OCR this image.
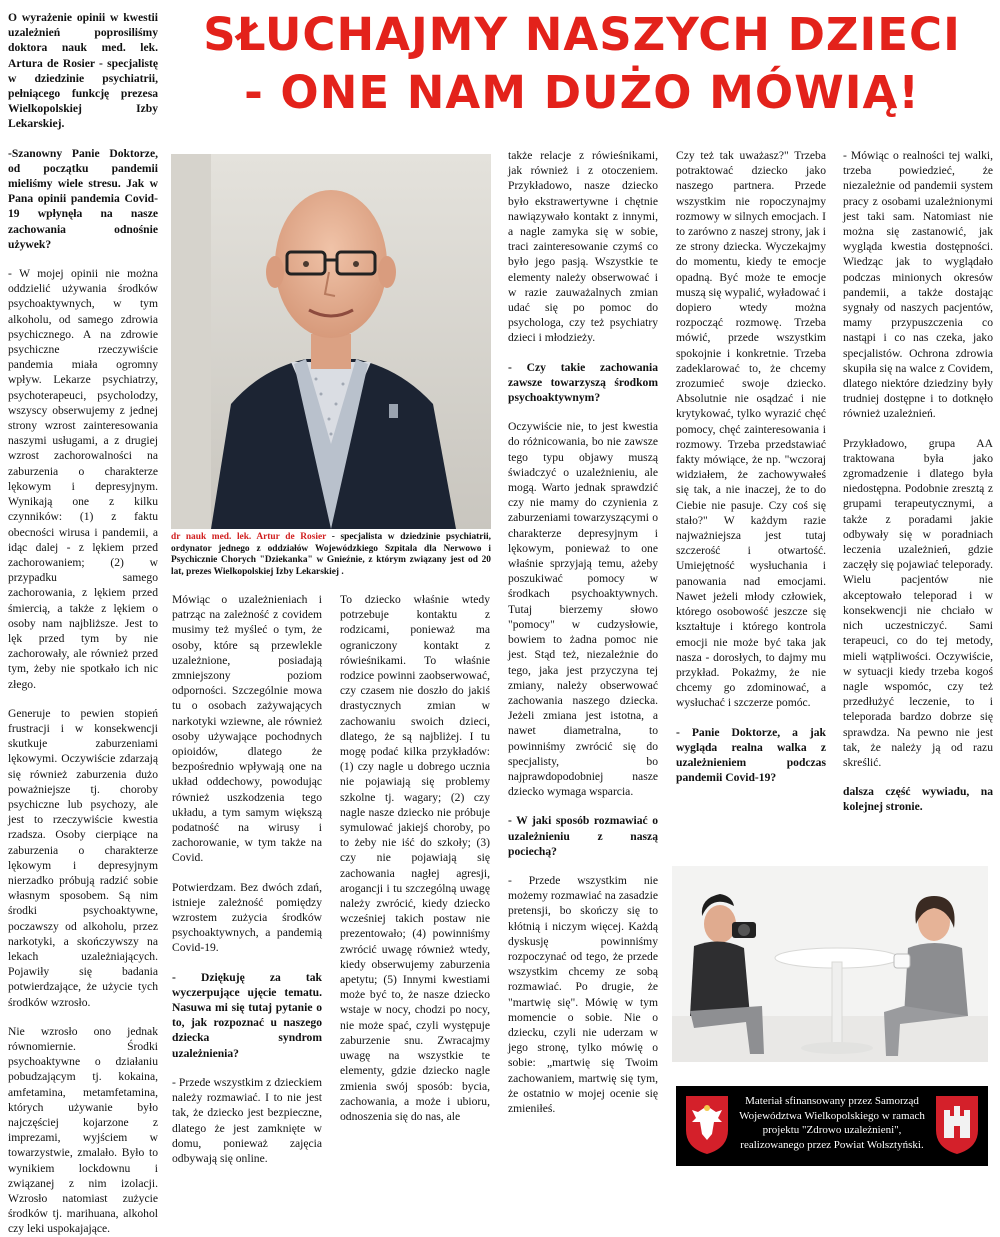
SŁUCHAJMY NASZYCH DZIECI
- ONE NAM DUŻO MÓWIĄ!

O wyrażenie opinii w kwestii uzależnień poprosiliśmy doktora nauk med. lek. Artura de Rosier - specjalistę w dziedzinie psychiatrii, pełniącego funkcję prezesa Wielkopolskiej Izby Lekarskiej.

-Szanowny Panie Doktorze, od początku pandemii mieliśmy wiele stresu. Jak w Pana opinii pandemia Covid-19 wpłynęła na nasze zachowania odnośnie używek?

- W mojej opinii nie można oddzielić używania środków psychoaktywnych, w tym alkoholu, od samego zdrowia psychicznego. A na zdrowie psychiczne rzeczywiście pandemia miała ogromny wpływ. Lekarze psychiatrzy, psychoterapeuci, psycholodzy, wszyscy obserwujemy z jednej strony wzrost zainteresowania naszymi usługami, a z drugiej wzrost zachorowalności na zaburzenia o charakterze lękowym i depresyjnym. Wynikają one z kilku czynników: (1) z faktu obecności wirusa i pandemii, a idąc dalej - z lękiem przed zachorowaniem; (2) w przypadku samego zachorowania, z lękiem przed śmiercią, a także z lękiem o osoby nam najbliższe. Jest to lęk przed tym by nie zachorowały, ale również przed tym, żeby nie spotkało ich nic złego.

Generuje to pewien stopień frustracji i w konsekwencji skutkuje zaburzeniami lękowymi. Oczywiście zdarzają się również zaburzenia dużo poważniejsze tj. choroby psychiczne lub psychozy, ale jest to rzeczywiście kwestia rzadsza. Osoby cierpiące na zaburzenia o charakterze lękowym i depresyjnym nierzadko próbują radzić sobie własnym sposobem. Są nim środki psychoaktywne, poczawszy od alkoholu, przez narkotyki, a skończywszy na lekach uzależniających. Pojawiły się badania potwierdzające, że użycie tych środków wzrosło.

Nie wzrosło ono jednak równomiernie. Środki psychoaktywne o działaniu pobudzającym tj. kokaina, amfetamina, metamfetamina, których używanie było najczęściej kojarzone z imprezami, wyjściem w towarzystwie, zmalało. Było to wynikiem lockdownu i związanej z nim izolacji. Wzrosło natomiast zużycie środków tj. marihuana, alkohol czy leki uspokajające.

dr nauk med. lek. Artur de Rosier - specjalista w dziedzinie psychiatrii, ordynator jednego z oddziałów Wojewódzkiego Szpitala dla Nerwowo i Psychicznie Chorych "Dziekanka" w Gnieźnie, z którym związany jest od 20 lat, prezes Wielkopolskiej Izby Lekarskiej .

Mówiąc o uzależnieniach i patrząc na zależność z covidem musimy też myśleć o tym, że osoby, które są przewlekle uzależnione, posiadają zmniejszony poziom odporności. Szczególnie mowa tu o osobach zażywających narkotyki wziewne, ale również osoby używające pochodnych opioidów, dlatego że bezpośrednio wpływają one na układ oddechowy, powodując również uszkodzenia tego układu, a tym samym większą podatność na wirusy i zachorowanie, w tym także na Covid.

Potwierdzam. Bez dwóch zdań, istnieje zależność pomiędzy wzrostem zużycia środków psychoaktywnych, a pandemią Covid-19.

- Dziękuję za tak wyczerpujące ujęcie tematu. Nasuwa mi się tutaj pytanie o to, jak rozpoznać u naszego dziecka syndrom uzależnienia?

- Przede wszystkim z dzieckiem należy rozmawiać. I to nie jest tak, że dziecko jest bezpieczne, dlatego że jest zamknięte w domu, ponieważ zajęcia odbywają się online.

To dziecko właśnie wtedy potrzebuje kontaktu z rodzicami, ponieważ ma ograniczony kontakt z rówieśnikami. To właśnie rodzice powinni zaobserwować, czy czasem nie doszło do jakiś drastycznych zmian w zachowaniu swoich dzieci, dlatego, że są najbliżej. I tu mogę podać kilka przykładów: (1) czy nagle u dobrego ucznia nie pojawiają się problemy szkolne tj. wagary; (2) czy nagle nasze dziecko nie próbuje symulować jakiejś choroby, po to żeby nie iść do szkoły; (3) czy nie pojawiają się zachowania nagłej agresji, arogancji i tu szczególną uwagę należy zwrócić, kiedy dziecko wcześniej takich postaw nie prezentowało; (4) powinniśmy zwrócić uwagę również wtedy, kiedy obserwujemy zaburzenia apetytu; (5) Innymi kwestiami może być to, że nasze dziecko wstaje w nocy, chodzi po nocy, nie może spać, czyli występuje zaburzenie snu. Zwracajmy uwagę na wszystkie te elementy, gdzie dziecko nagle zmienia swój sposób: bycia, zachowania, a może i ubioru, odnoszenia się do nas, ale

także relacje z rówieśnikami, jak również i z otoczeniem. Przykładowo, nasze dziecko było ekstrawertywne i chętnie nawiązywało kontakt z innymi, a nagle zamyka się w sobie, traci zainteresowanie czymś co było jego pasją. Wszystkie te elementy należy obserwować i w razie zauważalnych zmian udać się po pomoc do psychologa, czy też psychiatry dzieci i młodzieży.

- Czy takie zachowania zawsze towarzyszą środkom psychoaktywnym?

Oczywiście nie, to jest kwestia do różnicowania, bo nie zawsze tego typu objawy muszą świadczyć o uzależnieniu, ale mogą. Warto jednak sprawdzić czy nie mamy do czynienia z zaburzeniami towarzyszącymi o charakterze depresyjnym i lękowym, ponieważ to one właśnie sprzyjają temu, ażeby poszukiwać pomocy w środkach psychoaktywnych. Tutaj bierzemy słowo "pomocy" w cudzysłowie, bowiem to żadna pomoc nie jest. Stąd też, niezależnie do tego, jaka jest przyczyna tej zmiany, należy obserwować zachowania naszego dziecka. Jeżeli zmiana jest istotna, a nawet diametralna, to powinniśmy zwrócić się do specjalisty, bo najprawdopodobniej nasze dziecko wymaga wsparcia.

- W jaki sposób rozmawiać o uzależnieniu z naszą pociechą?

- Przede wszystkim nie możemy rozmawiać na zasadzie pretensji, bo skończy się to kłótnią i niczym więcej. Każdą dyskusję powinniśmy rozpoczynać od tego, że przede wszystkim chcemy ze sobą rozmawiać. Po drugie, że "martwię się". Mówię w tym momencie o sobie. Nie o dziecku, czyli nie uderzam w jego stronę, tylko mówię o sobie: „martwię się Twoim zachowaniem, martwię się tym, że ostatnio w mojej ocenie się zmieniłeś.

Czy też tak uważasz?" Trzeba potraktować dziecko jako naszego partnera. Przede wszystkim nie ropoczynajmy rozmowy w silnych emocjach. I to zarówno z naszej strony, jak i ze strony dziecka. Wyczekajmy do momentu, kiedy te emocje opadną. Być może te emocje muszą się wypalić, wyładować i dopiero wtedy można rozpocząć rozmowę. Trzeba mówić, przede wszystkim spokojnie i konkretnie. Trzeba zadeklarować to, że chcemy zrozumieć swoje dziecko. Absolutnie nie osądzać i nie krytykować, tylko wyrazić chęć pomocy, chęć zainteresowania i rozmowy. Trzeba przedstawiać fakty mówiące, że np. "wczoraj widziałem, że zachowywałeś się tak, a nie inaczej, że to do Ciebie nie pasuje. Czy coś się stało?" W każdym razie najważniejsza jest tutaj szczerość i otwartość. Umiejętność wysłuchania i panowania nad emocjami. Nawet jeżeli młody człowiek, którego osobowość jeszcze się kształtuje i którego kontrola emocji nie może być taka jak nasza - dorosłych, to dajmy mu przykład. Pokażmy, że nie chcemy go zdominować, a wysłuchać i szczerze pomóc.

- Panie Doktorze, a jak wygląda realna walka z uzależnieniem podczas pandemii Covid-19?

- Mówiąc o realności tej walki, trzeba powiedzieć, że niezależnie od pandemii system pracy z osobami uzależnionymi jest taki sam. Natomiast nie można się zastanowić, jak wygląda kwestia dostępności. Wiedząc jak to wyglądało podczas minionych okresów pandemii, a także dostając sygnały od naszych pacjentów, mamy przypuszczenia co nastąpi i co nas czeka, jako specjalistów. Ochrona zdrowia skupiła się na walce z Covidem, dlatego niektóre dziedziny były trudniej dostępne i to dotknęło również uzależnień.

Przykładowo, grupa AA traktowana była jako zgromadzenie i dlatego była niedostępna. Podobnie zresztą z grupami terapeutycznymi, a także z poradami jakie odbywały się w poradniach leczenia uzależnień, gdzie zaczęły się pojawiać teleporady. Wielu pacjentów nie akceptowało teleporad i w konsekwencji nie chciało w nich uczestniczyć. Sami terapeuci, co do tej metody, mieli wątpliwości. Oczywiście, w sytuacji kiedy trzeba kogoś nagle wspomóc, czy też przedłużyć leczenie, to i teleporada bardzo dobrze się sprawdza. Na pewno nie jest tak, że należy ją od razu skreślić.

dalsza część wywiadu, na kolejnej stronie.

Materiał sfinansowany przez Samorząd Województwa Wielkopolskiego w ramach projektu "Zdrowo uzależnieni", realizowanego przez Powiat Wolsztyński.
